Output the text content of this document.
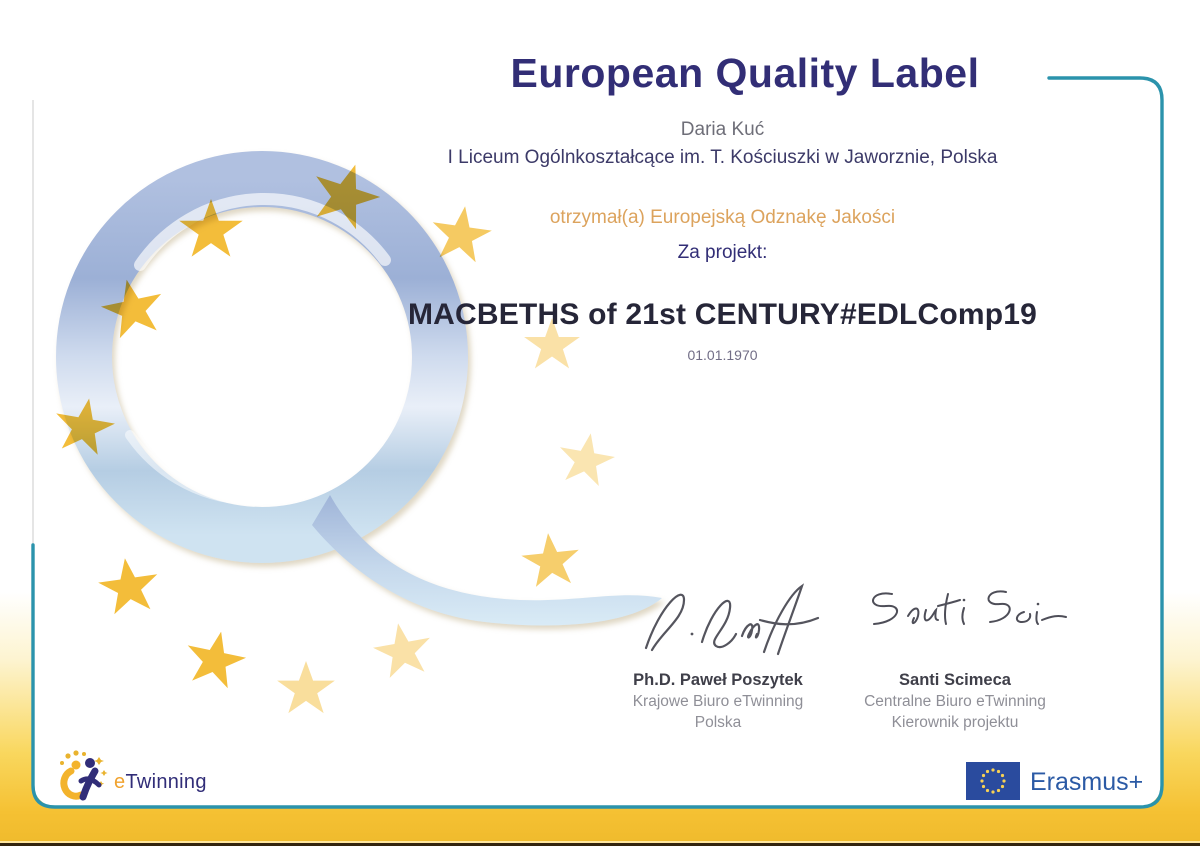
European Quality Label
Daria Kuć
I Liceum Ogólnkoształcące im. T. Kościuszki w Jaworznie, Polska
otrzymał(a) Europejską Odznakę Jakości
Za projekt:
MACBETHS of 21st CENTURY#EDLComp19
01.01.1970
Ph.D. Paweł Poszytek
Krajowe Biuro eTwinning
Polska
Santi Scimeca
Centralne Biuro eTwinning
Kierownik projektu
eTwinning	Erasmus+
